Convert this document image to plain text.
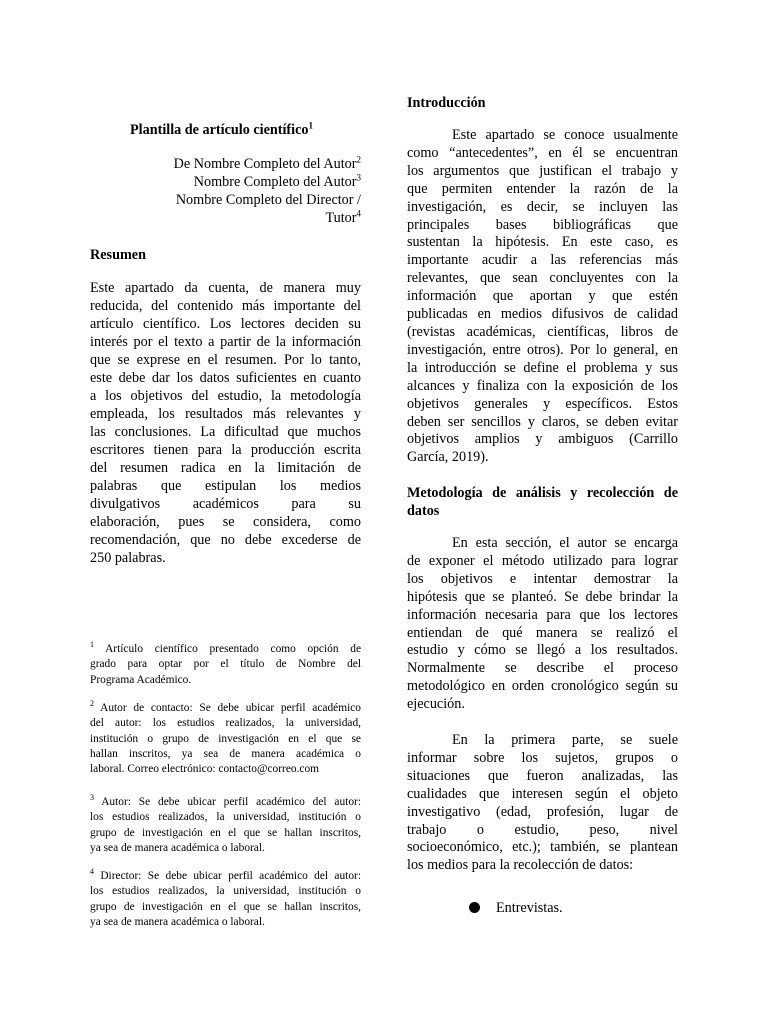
Plantilla de artículo científico$^1$
De Nombre Completo del Autor$^2$
Nombre Completo del Autor$^3$
Nombre Completo del Director /
Tutor$^4$
Resumen
Este apartado da cuenta, de manera muy
reducida, del contenido más importante del
artículo científico. Los lectores deciden su
interés por el texto a partir de la información
que se exprese en el resumen. Por lo tanto,
este debe dar los datos suficientes en cuanto
a los objetivos del estudio, la metodología
empleada, los resultados más relevantes y
las conclusiones. La dificultad que muchos
escritores tienen para la producción escrita
del resumen radica en la limitación de
palabras que estipulan los medios
divulgativos académicos para su
elaboración, pues se considera, como
recomendación, que no debe excederse de
250 palabras.
$^1$ Artículo científico presentado como opción de
grado para optar por el título de Nombre del
Programa Académico.
$^2$ Autor de contacto: Se debe ubicar perfil académico
del autor: los estudios realizados, la universidad,
institución o grupo de investigación en el que se
hallan inscritos, ya sea de manera académica o
laboral. Correo electrónico: contacto@correo.com
$^3$ Autor: Se debe ubicar perfil académico del autor:
los estudios realizados, la universidad, institución o
grupo de investigación en el que se hallan inscritos,
ya sea de manera académica o laboral.
$^4$ Director: Se debe ubicar perfil académico del autor:
los estudios realizados, la universidad, institución o
grupo de investigación en el que se hallan inscritos,
ya sea de manera académica o laboral.
Introducción
Este apartado se conoce usualmente
como “antecedentes”, en él se encuentran
los argumentos que justifican el trabajo y
que permiten entender la razón de la
investigación, es decir, se incluyen las
principales bases bibliográficas que
sustentan la hipótesis. En este caso, es
importante acudir a las referencias más
relevantes, que sean concluyentes con la
información que aportan y que estén
publicadas en medios difusivos de calidad
(revistas académicas, científicas, libros de
investigación, entre otros). Por lo general, en
la introducción se define el problema y sus
alcances y finaliza con la exposición de los
objetivos generales y específicos. Estos
deben ser sencillos y claros, se deben evitar
objetivos amplios y ambiguos (Carrillo
García, 2019).
Metodología de análisis y recolección de
datos
En esta sección, el autor se encarga
de exponer el método utilizado para lograr
los objetivos e intentar demostrar la
hipótesis que se planteó. Se debe brindar la
información necesaria para que los lectores
entiendan de qué manera se realizó el
estudio y cómo se llegó a los resultados.
Normalmente se describe el proceso
metodológico en orden cronológico según su
ejecución.
En la primera parte, se suele
informar sobre los sujetos, grupos o
situaciones que fueron analizadas, las
cualidades que interesen según el objeto
investigativo (edad, profesión, lugar de
trabajo o estudio, peso, nivel
socioeconómico, etc.); también, se plantean
los medios para la recolección de datos:
Entrevistas.
